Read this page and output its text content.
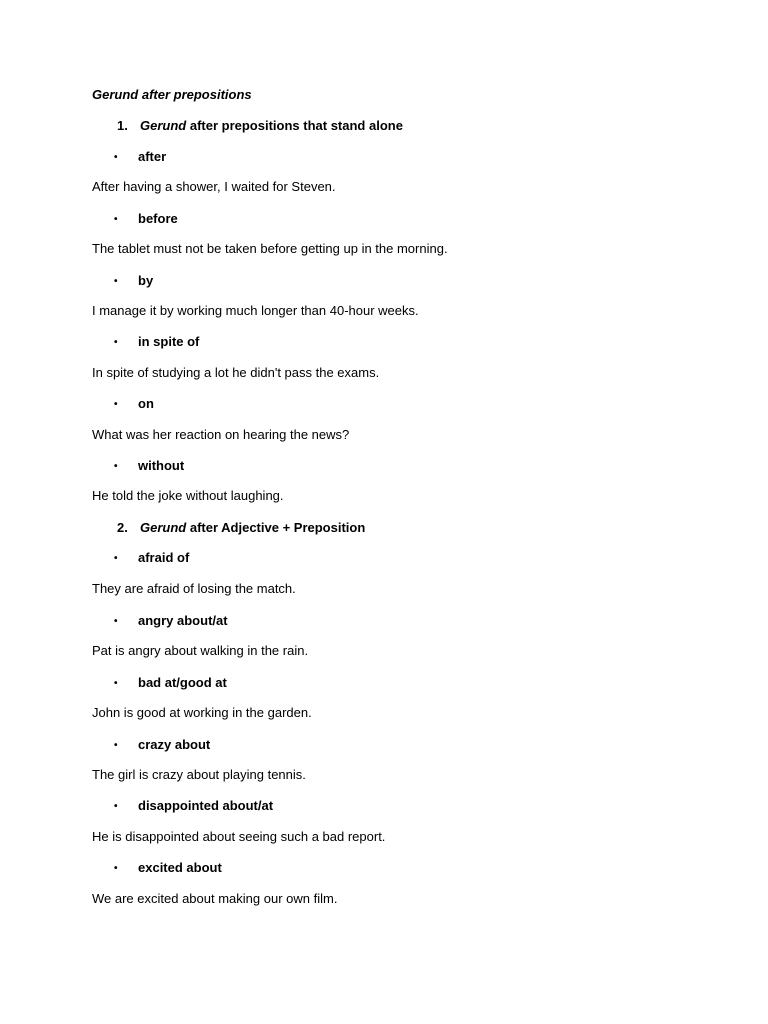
Gerund after prepositions
1. Gerund after prepositions that stand alone
• after
After having a shower, I waited for Steven.
• before
The tablet must not be taken before getting up in the morning.
• by
I manage it by working much longer than 40-hour weeks.
• in spite of
In spite of studying a lot he didn't pass the exams.
• on
What was her reaction on hearing the news?
• without
He told the joke without laughing.
2. Gerund after Adjective + Preposition
• afraid of
They are afraid of losing the match.
• angry about/at
Pat is angry about walking in the rain.
• bad at/good at
John is good at working in the garden.
• crazy about
The girl is crazy about playing tennis.
• disappointed about/at
He is disappointed about seeing such a bad report.
• excited about
We are excited about making our own film.
